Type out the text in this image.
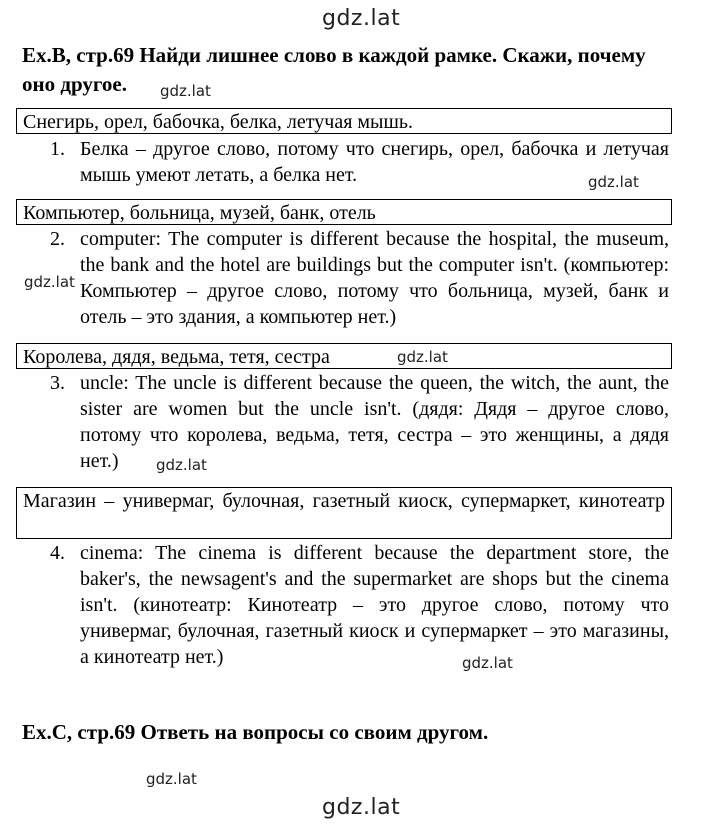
gdz.lat
gdz.lat
gdz.lat
gdz.lat
gdz.lat
gdz.lat
gdz.lat
gdz.lat
gdz.lat

Ex.B, стр.69 Найди лишнее слово в каждой рамке. Скажи, почему оно другое.

Снегирь, орел, бабочка, белка, летучая мышь.
1. Белка – другое слово, потому что снегирь, орел, бабочка и летучая мышь умеют летать, а белка нет.
Компьютер, больница, музей, банк, отель
2. computer: The computer is different because the hospital, the museum, the bank and the hotel are buildings but the computer isn't. (компьютер: Компьютер – другое слово, потому что больница, музей, банк и отель – это здания, а компьютер нет.)
Королева, дядя, ведьма, тетя, сестра
3. uncle: The uncle is different because the queen, the witch, the aunt, the sister are women but the uncle isn't. (дядя: Дядя – другое слово, потому что королева, ведьма, тетя, сестра – это женщины, а дядя нет.)
Магазин – универмаг, булочная, газетный киоск, супермаркет, кинотеатр
4. cinema: The cinema is different because the department store, the baker's, the newsagent's and the supermarket are shops but the cinema isn't. (кинотеатр: Кинотеатр – это другое слово, потому что универмаг, булочная, газетный киоск и супермаркет – это магазины, а кинотеатр нет.)

Ex.C, стр.69 Ответь на вопросы со своим другом.
